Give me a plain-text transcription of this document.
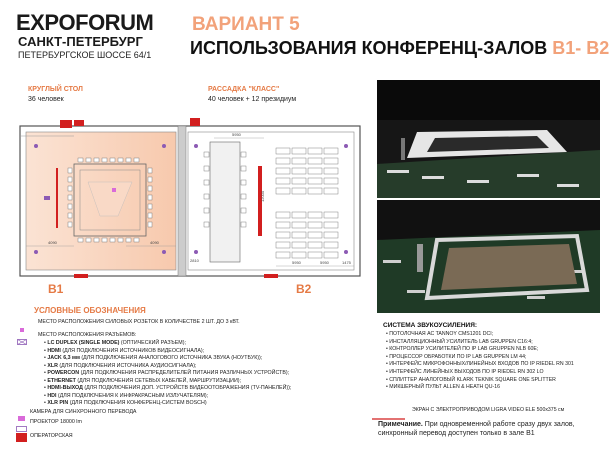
EXPOFORUM
САНКТ-ПЕТЕРБУРГ
ПЕТЕРБУРГСКОЕ ШОССЕ 64/1
ВАРИАНТ 5
ИСПОЛЬЗОВАНИЯ КОНФЕРЕНЦ-ЗАЛОВ В1- В2
КРУГЛЫЙ СТОЛ
36 человек
РАССАДКА "КЛАСС"
40 человек + 12 президиум
4090	4090
5950
5950	5950	1475
12000
2810
B1	B2
УСЛОВНЫЕ ОБОЗНАЧЕНИЯ
МЕСТО РАСПОЛОЖЕНИЯ СИЛОВЫХ РОЗЕТОК В КОЛИЧЕСТВЕ 2 ШТ. ДО 3 кВТ.
МЕСТО РАСПОЛОЖЕНИЯ РАЗЪЕМОВ:
• LC DUPLEX (SINGLE MODE) (ОПТИЧЕСКИЙ РАЗЪЕМ);
• HDMI (ДЛЯ ПОДКЛЮЧЕНИЯ ИСТОЧНИКОВ ВИДЕОСИГНАЛА);
• JACK 6,3 мм (ДЛЯ ПОДКЛЮЧЕНИЯ АНАЛОГОВОГО ИСТОЧНИКА ЗВУКА (НОУТБУК));
• XLR (ДЛЯ ПОДКЛЮЧЕНИЯ ИСТОЧНИКА АУДИОСИГНАЛА);
• POWERCON (ДЛЯ ПОДКЛЮЧЕНИЯ РАСПРЕДЕЛИТЕЛЕЙ ПИТАНИЯ РАЗЛИЧНЫХ УСТРОЙСТВ);
• ETHERNET (ДЛЯ ПОДКЛЮЧЕНИЯ СЕТЕВЫХ КАБЕЛЕЙ, МАРШРУТИЗАЦИИ);
• HDMI-ВЫХОД (ДЛЯ ПОДКЛЮЧЕНИЯ ДОП. УСТРОЙСТВ ВИДЕООТОБРАЖЕНИЯ (TV-ПАНЕЛЕЙ));
• HDI (ДЛЯ ПОДКЛЮЧЕНИЯ К ИНФРАКРАСНЫМ ИЗЛУЧАТЕЛЯМ);
• XLR PIN (ДЛЯ ПОДКЛЮЧЕНИЯ КОНФЕРЕНЦ-СИСТЕМ BOSCH)
КАМЕРА ДЛЯ СИНХРОННОГО ПЕРЕВОДА
ПРОЕКТОР 18000 lm
ОПЕРАТОРСКАЯ
СИСТЕМА ЗВУКОУСИЛЕНИЯ:
• ПОТОЛОЧНАЯ АС TANNOY CMS1201 DCI;
• ИНСТАЛЛЯЦИОННЫЙ УСИЛИТЕЛЬ LAB GRUPPEN C16:4;
• КОНТРОЛЛЕР УСИЛИТЕЛЕЙ ПО IP LAB GRUPPEN NLB 60E;
• ПРОЦЕССОР ОБРАБОТКИ ПО IP LAB GRUPPEN LM 44;
• ИНТЕРФЕЙС МИКРОФОННЫХ/ЛИНЕЙНЫХ ВХОДОВ ПО IP RIEDEL RN 301
• ИНТЕРФЕЙС ЛИНЕЙНЫХ ВЫХОДОВ ПО IP RIEDEL RN 302 LO
• СПЛИТТЕР АНАЛОГОВЫЙ KLARK TEKNIK SQUARE ONE SPLITTER
• МИКШЕРНЫЙ ПУЛЬТ ALLEN & HEATH QU-16
ЭКРАН С ЭЛЕКТРОПРИВОДОМ LIGRA VIDEO ELE 500x375 см
Примечание. При одновременной работе сразу двух залов, синхронный перевод доступен только в зале В1
